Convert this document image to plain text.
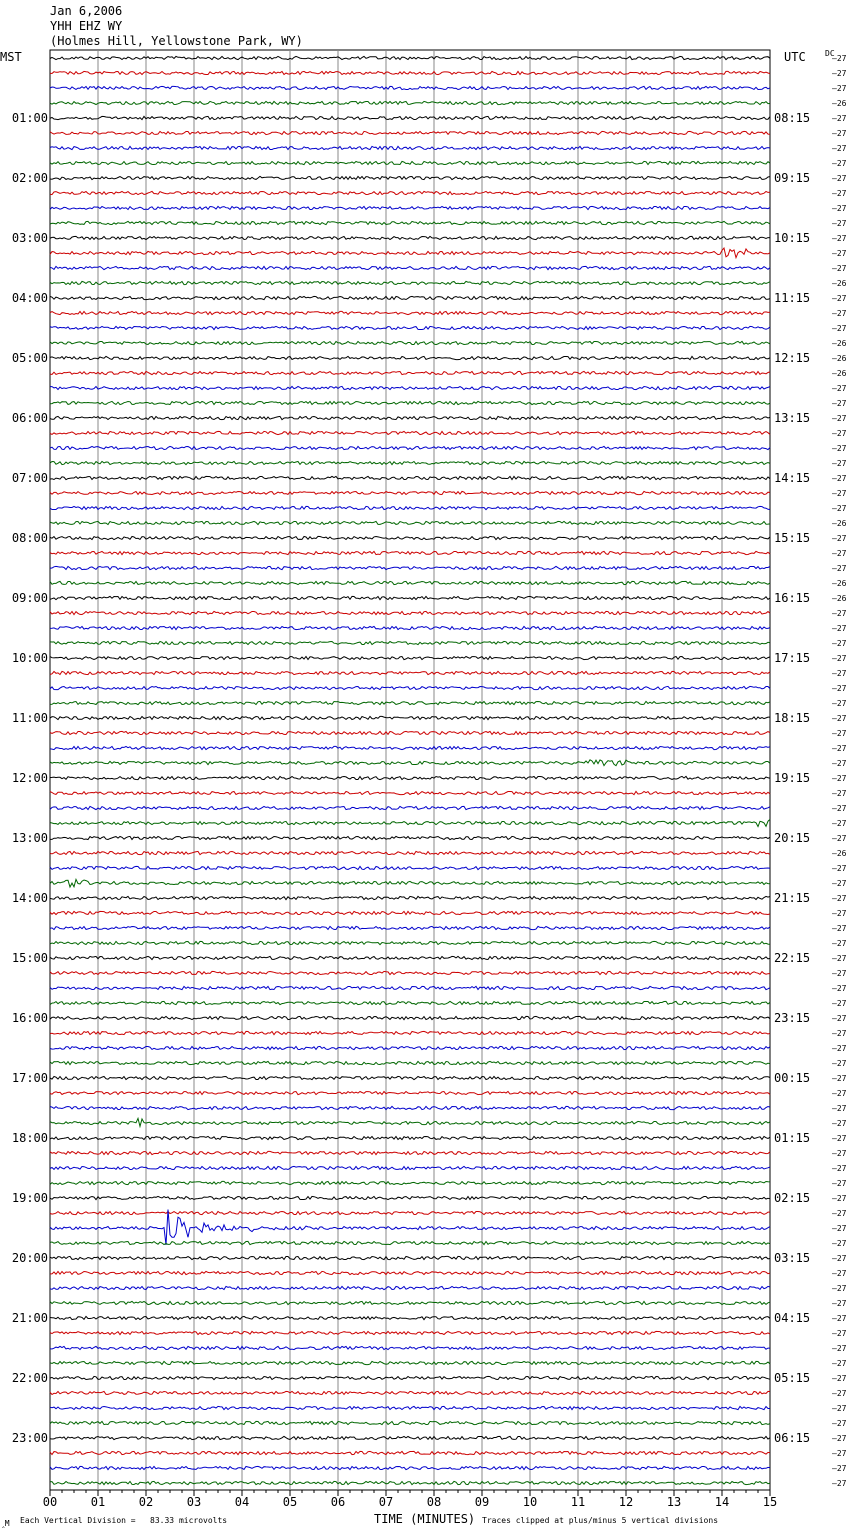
Jan 6,2006
YHH EHZ WY
(Holmes Hill, Yellowstone Park, WY)
MST	UTC DC
01:00	08:15
02:00	09:15
03:00	10:15
04:00	11:15
05:00	12:15
06:00	13:15
07:00	14:15
08:00	15:15
09:00	16:15
10:00	17:15
11:00	18:15
12:00	19:15
13:00	20:15
14:00	21:15
15:00	22:15
16:00	23:15
17:00	00:15
18:00	01:15
19:00	02:15
20:00	03:15
21:00	04:15
22:00	05:15
23:00	06:15
–27
–27
–27
–26
–27
–27
–27
–27
–27
–27
–27
–27
–27
–27
–27
–26
–27
–27
–27
–26
–26
–26
–27
–27
–27
–27
–27
–27
–27
–27
–27
–26
–27
–27
–27
–26
–26
–27
–27
–27
–27
–27
–27
–27
–27
–27
–27
–27
–27
–27
–27
–27
–27
–26
–27
–27
–27
–27
–27
–27
–27
–27
–27
–27
–27
–27
–27
–27
–27
–27
–27
–27
–27
–27
–27
–27
–27
–27
–27
–27
–27
–27
–27
–27
–27
–27
–27
–27
–27
–27
–27
–27
–27
–27
–27
–27
00	01	02	03	04	05	06	07	08	09	10	11	12	13	14	15
‸M Each Vertical Division =   83.33 microvolts	TIME (MINUTES) Traces clipped at plus/minus 5 vertical divisions
